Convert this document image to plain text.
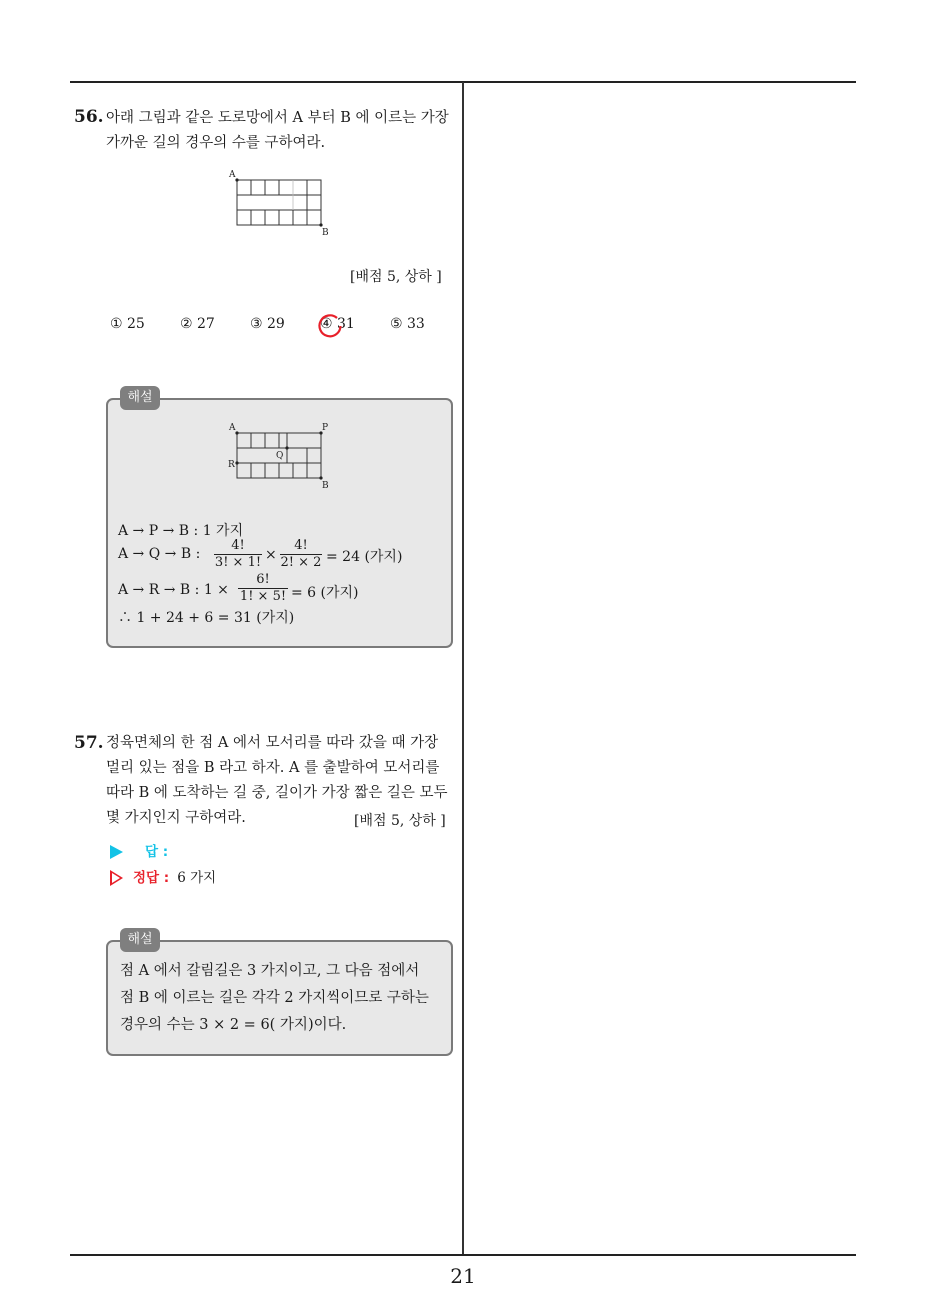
56. 아래 그림과 같은 도로망에서 A 부터 B 에 이르는 가장
가까운 길의 경우의 수를 구하여라.
A
B
[배점 5, 상하 ]
① 25	② 27	③ 29	④ 31	⑤ 33
해설
A	P
Q
R
B
A → P → B : 1 가지
A → Q → B : $\frac{4!}{3! \times 1!} \times \frac{4!}{2! \times 2} = 24$ (가지)
A → R → B : $1 \times \frac{6!}{1! \times 5!} = 6$ (가지)
∴ 1 + 24 + 6 = 31 (가지)
57. 정육면체의 한 점 A 에서 모서리를 따라 갔을 때 가장
멀리 있는 점을 B 라고 하자. A 를 출발하여 모서리를
따라 B 에 도착하는 길 중, 길이가 가장 짧은 길은 모두
몇 가지인지 구하여라.	[배점 5, 상하 ]
답 :
정답 : 6 가지
해설
점 A 에서 갈림길은 3 가지이고, 그 다음 점에서
점 B 에 이르는 길은 각각 2 가지씩이므로 구하는
경우의 수는 3 × 2 = 6( 가지)이다.
21
